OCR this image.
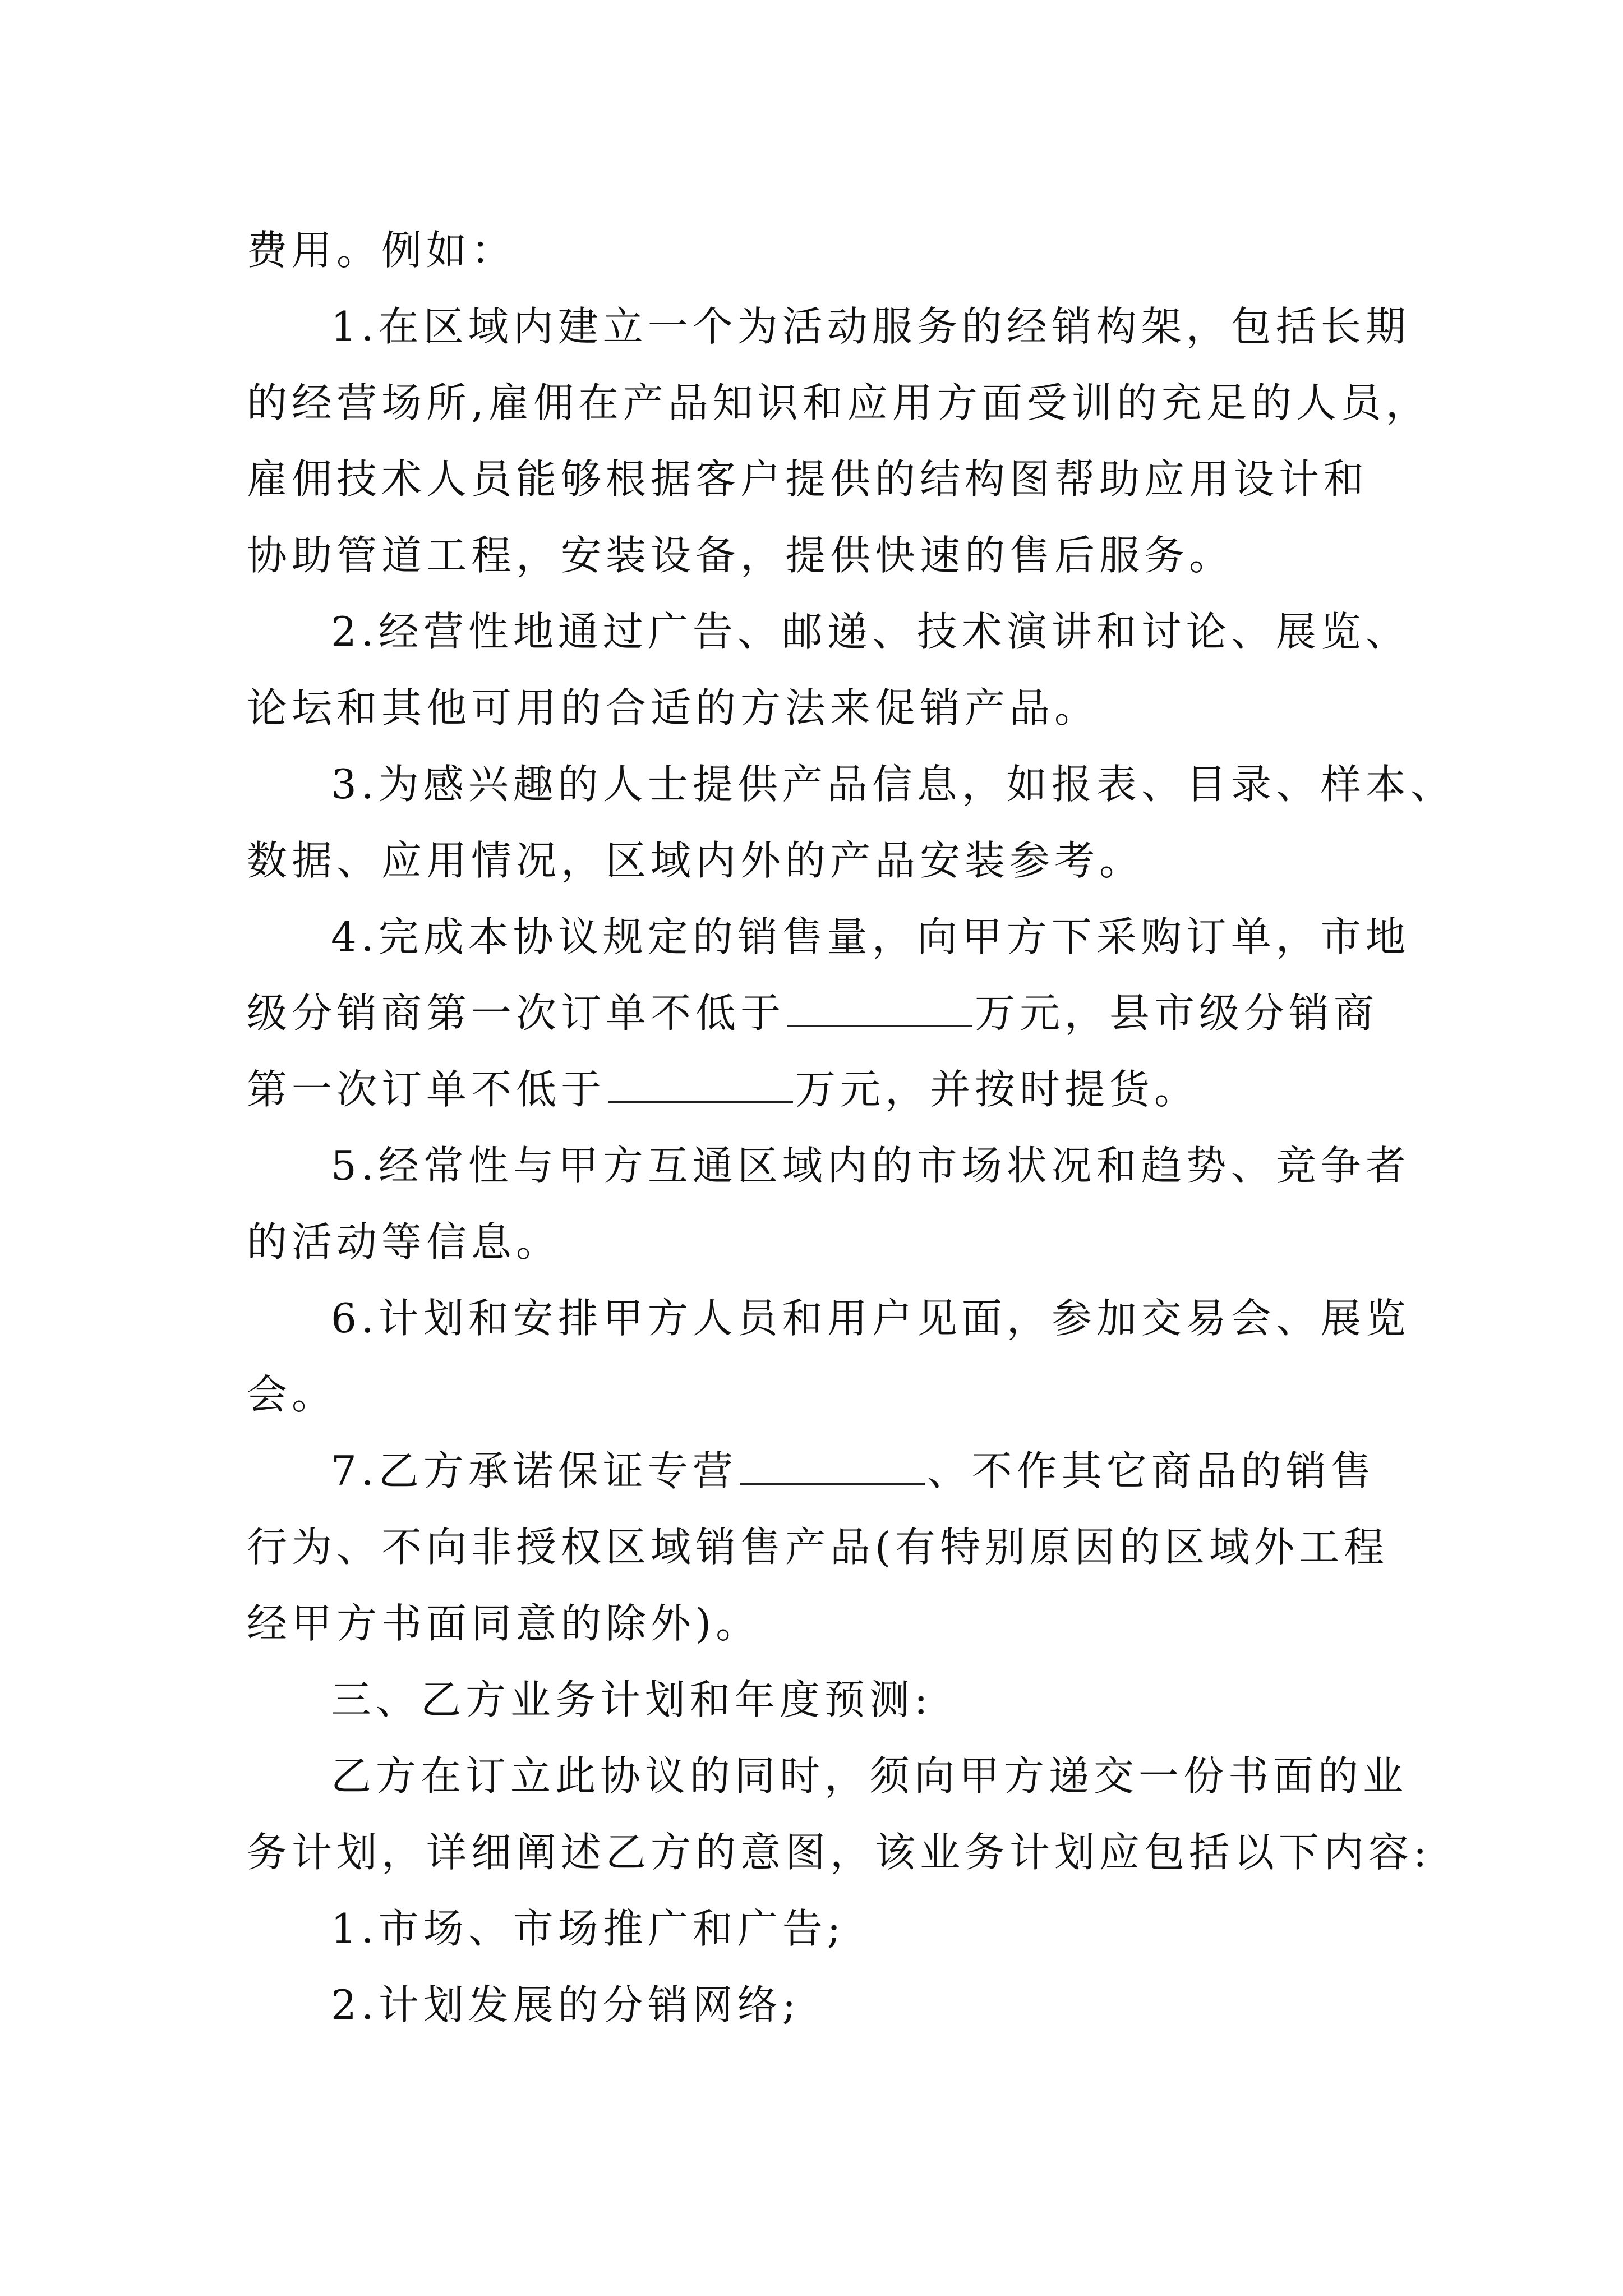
费用。例如：
1.在区域内建立一个为活动服务的经销构架，包括长期
的经营场所,雇佣在产品知识和应用方面受训的充足的人员，
雇佣技术人员能够根据客户提供的结构图帮助应用设计和
协助管道工程，安装设备，提供快速的售后服务。
2.经营性地通过广告、邮递、技术演讲和讨论、展览、
论坛和其他可用的合适的方法来促销产品。
3.为感兴趣的人士提供产品信息，如报表、目录、样本、
数据、应用情况，区域内外的产品安装参考。
4.完成本协议规定的销售量，向甲方下采购订单，市地
级分销商第一次订单不低于	万元，县市级分销商
第一次订单不低于	万元，并按时提货。
5.经常性与甲方互通区域内的市场状况和趋势、竞争者
的活动等信息。
6.计划和安排甲方人员和用户见面，参加交易会、展览
会。
7.乙方承诺保证专营	、不作其它商品的销售
行为、不向非授权区域销售产品(有特别原因的区域外工程
经甲方书面同意的除外)。
三、乙方业务计划和年度预测:
乙方在订立此协议的同时，须向甲方递交一份书面的业
务计划，详细阐述乙方的意图，该业务计划应包括以下内容:
1.市场、市场推广和广告;
2.计划发展的分销网络;
